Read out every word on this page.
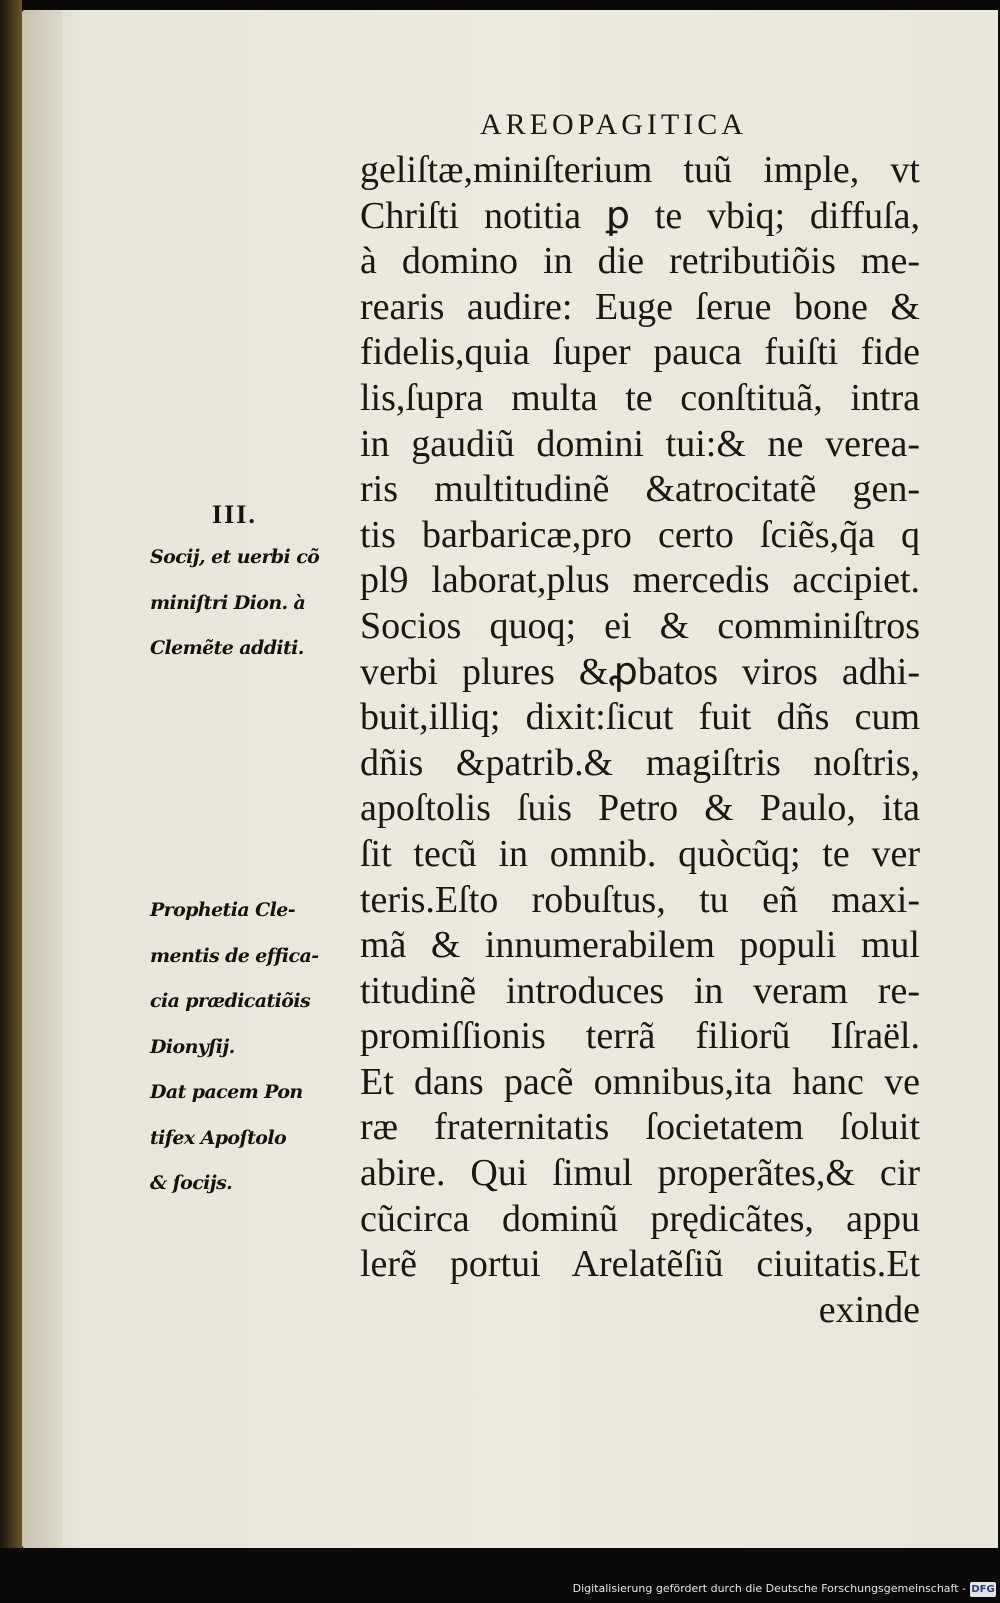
AREOPAGITICA
geliſtæ,miniſterium tuũ imple, vt
Chriſti notitia ꝑ te vbiq; diffuſa,
à domino in die retributiõis me-
rearis audire: Euge ſerue bone &
fidelis,quia ſuper pauca fuiſti fide
lis,ſupra multa te conſtituã, intra
in gaudiũ domini tui:& ne verea-
ris multitudinẽ &atrocitatẽ gen-
tis barbaricæ,pro certo ſciẽs,q̃a q
pl9 laborat,plus mercedis accipiet.
Socios quoq; ei & comminiſtros
verbi plures &ꝓbatos viros adhi-
buit,illiq; dixit:ſicut fuit dñs cum
dñis &patrib.& magiſtris noſtris,
apoſtolis ſuis Petro & Paulo, ita
ſit tecũ in omnib. quòcũq; te ver
teris.Eſto robuſtus, tu eñ maxi-
mã & innumerabilem populi mul
titudinẽ introduces in veram re-
promiſſionis terrã filiorũ Iſraël.
Et dans pacẽ omnibus,ita hanc ve
ræ fraternitatis ſocietatem ſoluit
abire. Qui ſimul properãtes,& cir
cũcirca dominũ prędicãtes, appu
lerẽ portui Arelatẽſiũ ciuitatis.Et
exinde
III.
Socij, et uerbi cõ
miniſtri Dion. à
Clemẽte additi.
Prophetia Cle-
mentis de effica-
cia prædicatiõis
Dionyſij.
Dat pacem Pon
tifex Apoſtolo
& ſocijs.
Digitalisierung gefördert durch die Deutsche Forschungsgemeinschaft - DFG
